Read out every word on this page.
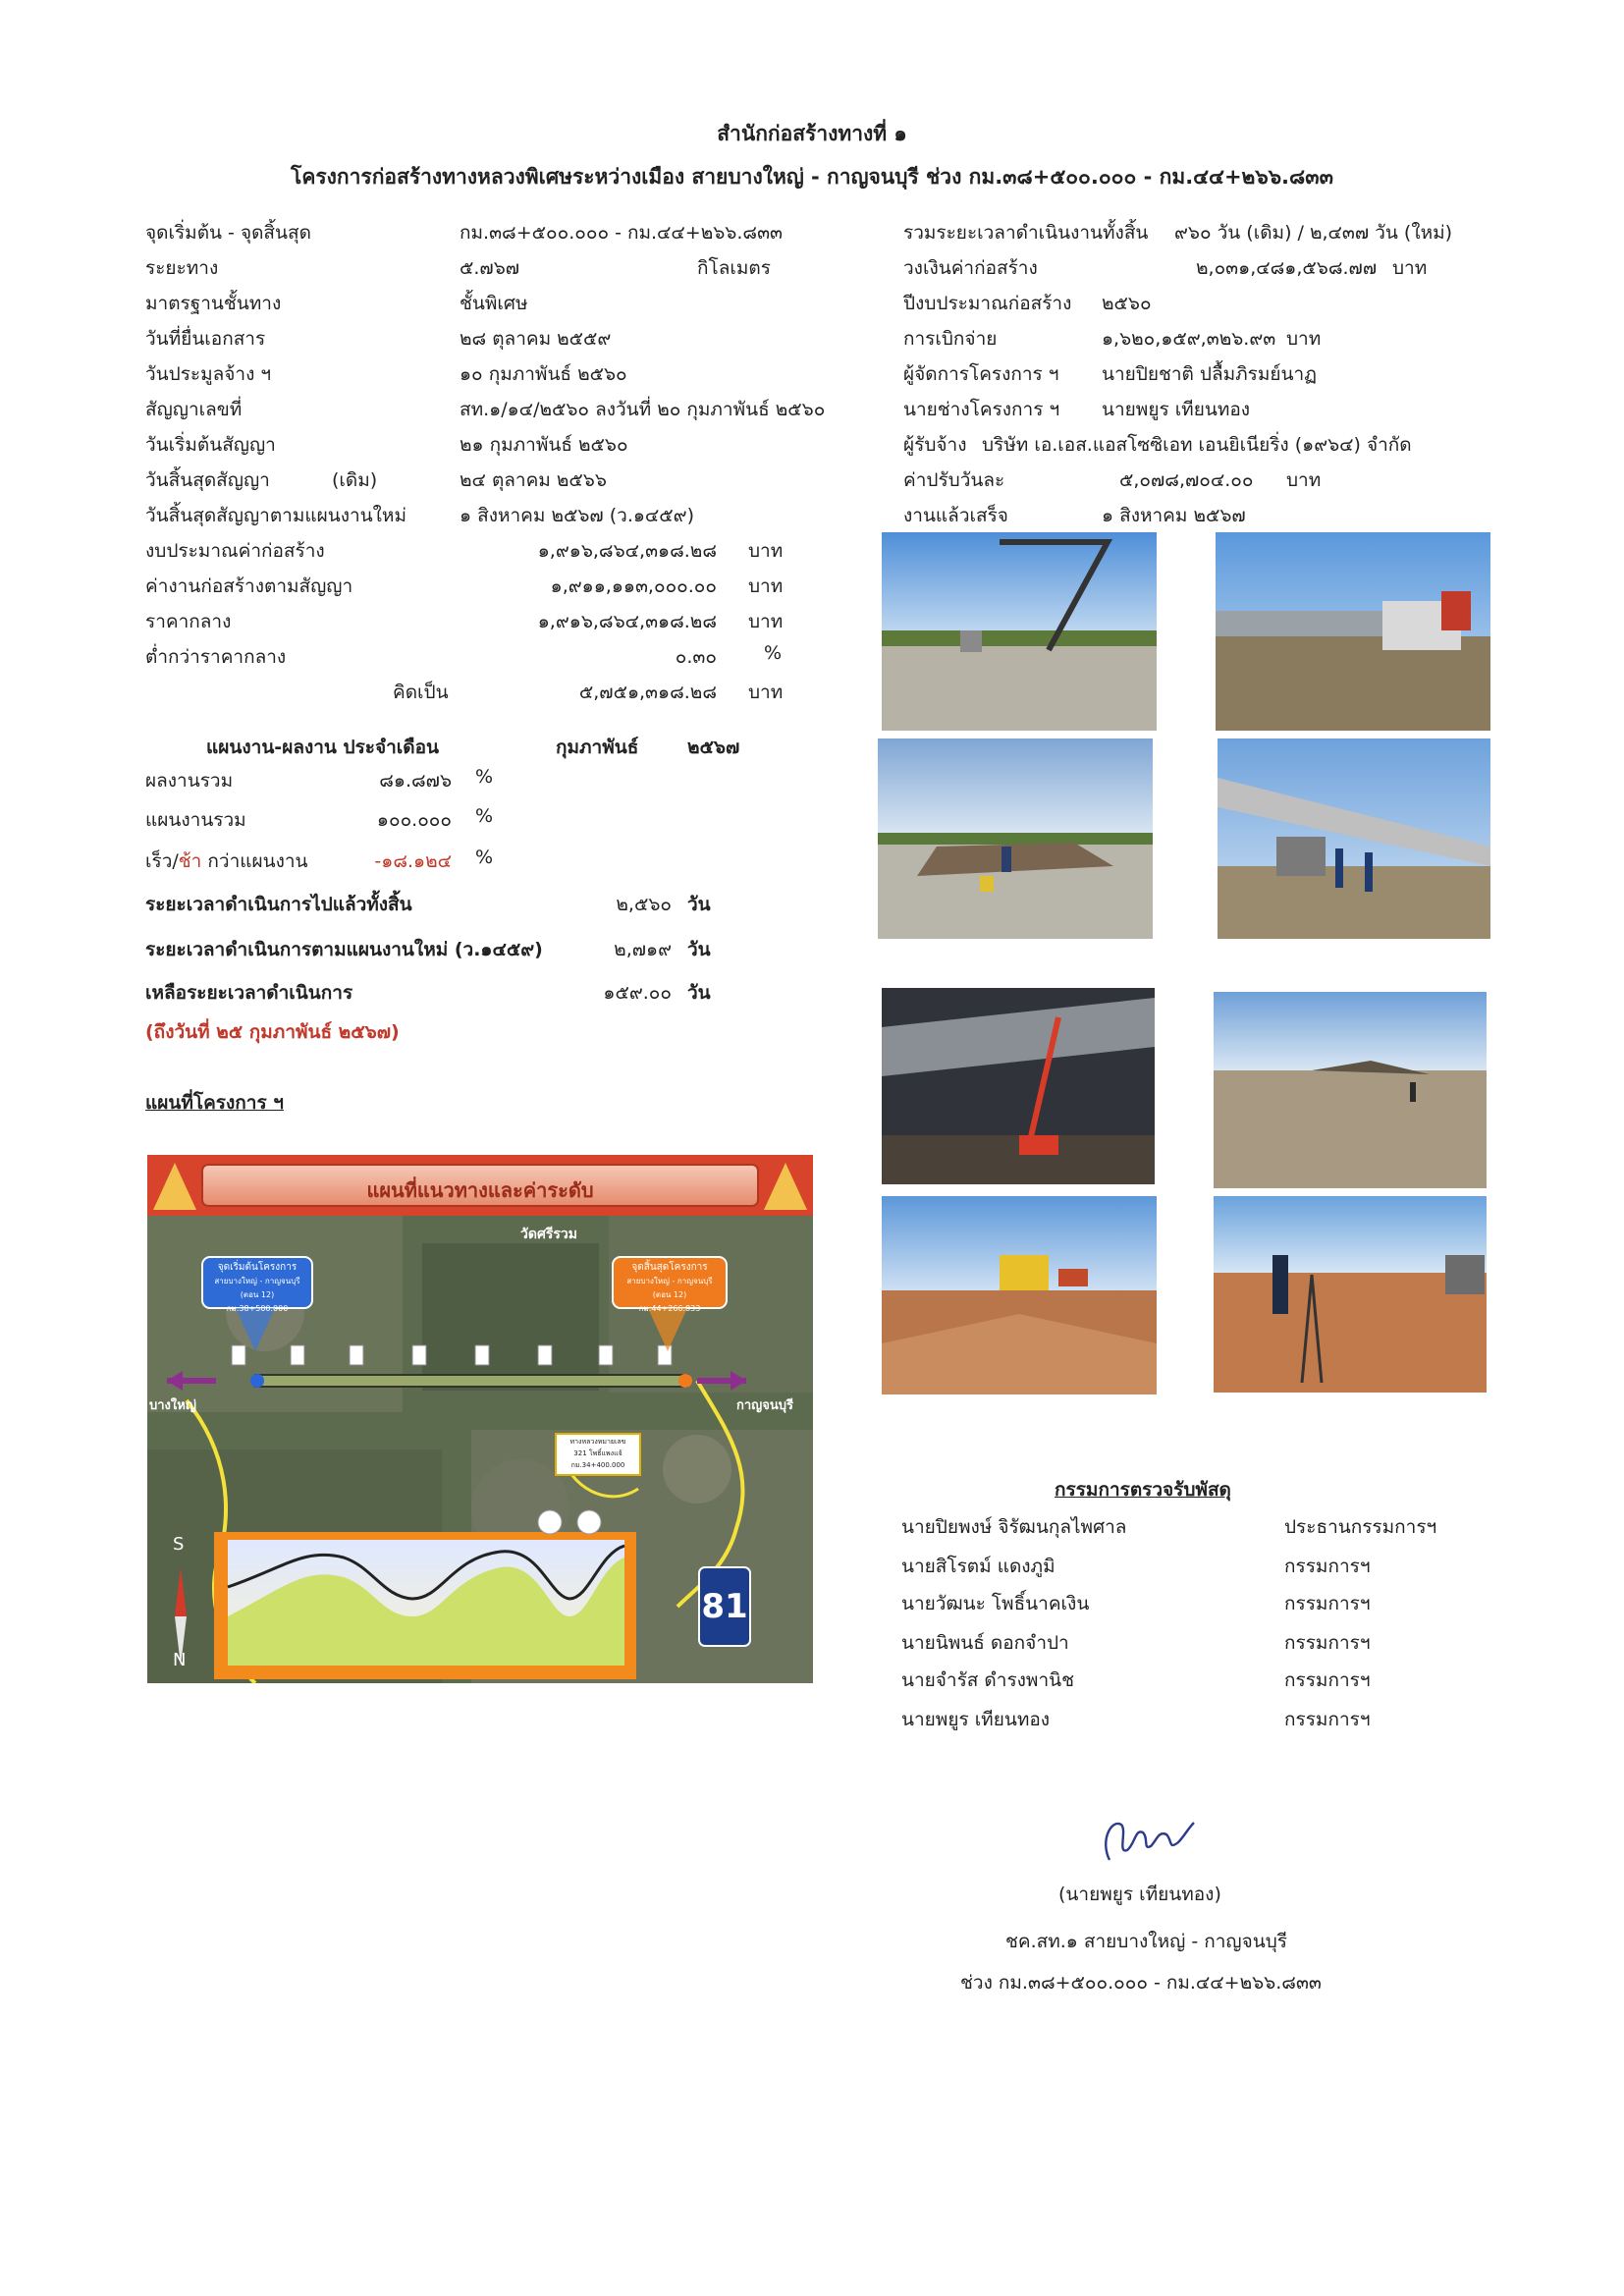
สำนักก่อสร้างทางที่ ๑
โครงการก่อสร้างทางหลวงพิเศษระหว่างเมือง สายบางใหญ่ - กาญจนบุรี ช่วง กม.๓๘+๕๐๐.๐๐๐ - กม.๔๔+๒๖๖.๘๓๓
จุดเริ่มต้น - จุดสิ้นสุด	กม.๓๘+๕๐๐.๐๐๐ - กม.๔๔+๒๖๖.๘๓๓
ระยะทาง	๕.๗๖๗	กิโลเมตร
มาตรฐานชั้นทาง	ชั้นพิเศษ
วันที่ยื่นเอกสาร	๒๘ ตุลาคม ๒๕๕๙
วันประมูลจ้าง ฯ	๑๐ กุมภาพันธ์ ๒๕๖๐
สัญญาเลขที่	สท.๑/๑๔/๒๕๖๐ ลงวันที่ ๒๐ กุมภาพันธ์ ๒๕๖๐
วันเริ่มต้นสัญญา	๒๑ กุมภาพันธ์ ๒๕๖๐
วันสิ้นสุดสัญญา	(เดิม)	๒๔ ตุลาคม ๒๕๖๖
วันสิ้นสุดสัญญาตามแผนงานใหม่	๑ สิงหาคม ๒๕๖๗ (ว.๑๔๕๙)
งบประมาณค่าก่อสร้าง	๑,๙๑๖,๘๖๔,๓๑๘.๒๘ บาท
ค่างานก่อสร้างตามสัญญา	๑,๙๑๑,๑๑๓,๐๐๐.๐๐ บาท
ราคากลาง	๑,๙๑๖,๘๖๔,๓๑๘.๒๘ บาท
ต่ำกว่าราคากลาง	๐.๓๐	%
คิดเป็น	๕,๗๕๑,๓๑๘.๒๘ บาท
รวมระยะเวลาดำเนินงานทั้งสิ้น ๙๖๐ วัน (เดิม) / ๒,๔๓๗ วัน (ใหม่)
วงเงินค่าก่อสร้าง	๒,๐๓๑,๔๘๑,๕๖๘.๗๗ บาท
ปีงบประมาณก่อสร้าง ๒๕๖๐
การเบิกจ่าย	๑,๖๒๐,๑๕๙,๓๒๖.๙๓ บาท
ผู้จัดการโครงการ ฯ นายปิยชาติ ปลื้มภิรมย์นาฏ
นายช่างโครงการ ฯ นายพยูร เทียนทอง
ผู้รับจ้าง บริษัท เอ.เอส.แอสโซซิเอท เอนยิเนียริ่ง (๑๙๖๔) จำกัด
ค่าปรับวันละ	๕,๐๗๘,๗๐๔.๐๐ บาท
งานแล้วเสร็จ	๑ สิงหาคม ๒๕๖๗
แผนงาน-ผลงาน ประจำเดือน	กุมภาพันธ์	๒๕๖๗
ผลงานรวม	๘๑.๘๗๖ %
แผนงานรวม	๑๐๐.๐๐๐ %
เร็ว/ช้า กว่าแผนงาน	-๑๘.๑๒๔ %
ระยะเวลาดำเนินการไปแล้วทั้งสิ้น	๒,๕๖๐ วัน
ระยะเวลาดำเนินการตามแผนงานใหม่ (ว.๑๔๕๙)	๒,๗๑๙ วัน
เหลือระยะเวลาดำเนินการ	๑๕๙.๐๐ วัน
(ถึงวันที่ ๒๕ กุมภาพันธ์ ๒๕๖๗)
แผนที่โครงการ ฯ
แผนที่แนวทางและค่าระดับ
วัดศรีรวม
บางใหญ่	กาญจนบุรี
จุดเริ่มต้นโครงการ
สายบางใหญ่ - กาญจนบุรี (ตอน 12)
กม.38+500.000
จุดสิ้นสุดโครงการ
สายบางใหญ่ - กาญจนบุรี (ตอน 12)
กม.44+266.833
ทางหลวงหมายเลข
321 โพธิ์แพงแจ้
กม.34+400.000
S
N
81
กรรมการตรวจรับพัสดุ
นายปิยพงษ์ จิรัฒนกุลไพศาล	ประธานกรรมการฯ
นายสิโรตม์ แดงภูมิ	กรรมการฯ
นายวัฒนะ โพธิ์นาคเงิน	กรรมการฯ
นายนิพนธ์ ดอกจำปา	กรรมการฯ
นายจำรัส ดำรงพานิช	กรรมการฯ
นายพยูร เทียนทอง	กรรมการฯ
(นายพยูร เทียนทอง)
ชค.สท.๑ สายบางใหญ่ - กาญจนบุรี
ช่วง กม.๓๘+๕๐๐.๐๐๐ - กม.๔๔+๒๖๖.๘๓๓
